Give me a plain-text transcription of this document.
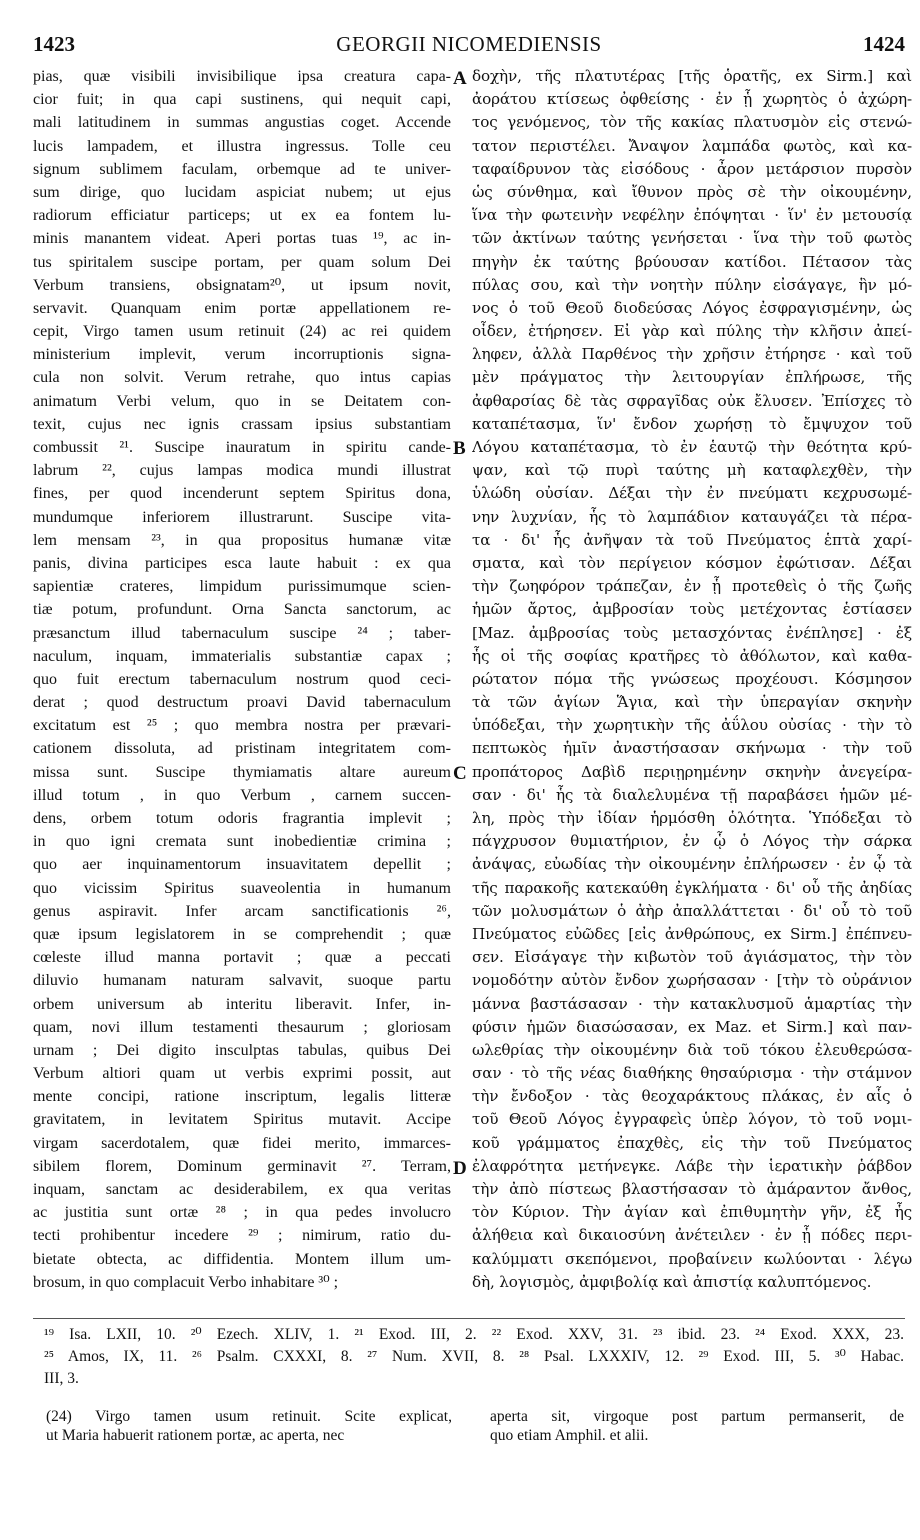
1423	GEORGII NICOMEDIENSIS	1424
pias, quæ visibili invisibilique ipsa creatura capa-
cior fuit; in qua capi sustinens, qui nequit capi,
mali latitudinem in summas angustias coget. Accende
lucis lampadem, et illustra ingressus. Tolle ceu
signum sublimem faculam, orbemque ad te univer-
sum dirige, quo lucidam aspiciat nubem; ut ejus
radiorum efficiatur particeps; ut ex ea fontem lu-
minis manantem videat. Aperi portas tuas ¹⁹, ac in-
tus spiritalem suscipe portam, per quam solum Dei
Verbum transiens, obsignatam²⁰, ut ipsum novit,
servavit. Quanquam enim portæ appellationem re-
cepit, Virgo tamen usum retinuit (24) ac rei quidem
ministerium implevit, verum incorruptionis signa-
cula non solvit. Verum retrahe, quo intus capias
animatum Verbi velum, quo in se Deitatem con-
texit, cujus nec ignis crassam ipsius substantiam
combussit ²¹. Suscipe inauratum in spiritu cande-
labrum ²², cujus lampas modica mundi illustrat
fines, per quod incenderunt septem Spiritus dona,
mundumque inferiorem illustrarunt. Suscipe vita-
lem mensam ²³, in qua propositus humanæ vitæ
panis, divina participes esca laute habuit : ex qua
sapientiæ crateres, limpidum purissimumque scien-
tiæ potum, profundunt. Orna Sancta sanctorum, ac
præsanctum illud tabernaculum suscipe ²⁴ ; taber-
naculum, inquam, immaterialis substantiæ capax ;
quo fuit erectum tabernaculum nostrum quod ceci-
derat ; quod destructum proavi David tabernaculum
excitatum est ²⁵ ; quo membra nostra per prævari-
cationem dissoluta, ad pristinam integritatem com-
missa sunt. Suscipe thymiamatis altare aureum
illud totum , in quo Verbum , carnem succen-
dens, orbem totum odoris fragrantia implevit ;
in quo igni cremata sunt inobedientiæ crimina ;
quo aer inquinamentorum insuavitatem depellit ;
quo vicissim Spiritus suaveolentia in humanum
genus aspiravit. Infer arcam sanctificationis ²⁶,
quæ ipsum legislatorem in se comprehendit ; quæ
cœleste illud manna portavit ; quæ a peccati
diluvio humanam naturam salvavit, suoque partu
orbem universum ab interitu liberavit. Infer, in-
quam, novi illum testamenti thesaurum ; gloriosam
urnam ; Dei digito insculptas tabulas, quibus Dei
Verbum altiori quam ut verbis exprimi possit, aut
mente concipi, ratione inscriptum, legalis litteræ
gravitatem, in levitatem Spiritus mutavit. Accipe
virgam sacerdotalem, quæ fidei merito, immarces-
sibilem florem, Dominum germinavit ²⁷. Terram,
inquam, sanctam ac desiderabilem, ex qua veritas
ac justitia sunt ortæ ²⁸ ; in qua pedes involucro
tecti prohibentur incedere ²⁹ ; nimirum, ratio du-
bietate obtecta, ac diffidentia. Montem illum um-
brosum, in quo complacuit Verbo inhabitare ³⁰ ;
δοχὴν, τῆς πλατυτέρας [τῆς ὁρατῆς, ex Sirm.] καὶ
ἀοράτου κτίσεως ὀφθείσης · ἐν ᾗ χωρητὸς ὁ ἀχώρη-
τος γενόμενος, τὸν τῆς κακίας πλατυσμὸν εἰς στενώ-
τατον περιστέλει. Ἄναψον λαμπάδα φωτὸς, καὶ κα-
ταφαίδρυνον τὰς εἰσόδους · ἆρον μετάρσιον πυρσὸν
ὡς σύνθημα, καὶ ἴθυνον πρὸς σὲ τὴν οἰκουμένην,
ἵνα τὴν φωτεινὴν νεφέλην ἐπόψηται · ἵν' ἐν μετουσίᾳ
τῶν ἀκτίνων ταύτης γενήσεται · ἵνα τὴν τοῦ φωτὸς
πηγὴν ἐκ ταύτης βρύουσαν κατίδοι. Πέτασον τὰς
πύλας σου, καὶ τὴν νοητὴν πύλην εἰσάγαγε, ἣν μό-
νος ὁ τοῦ Θεοῦ διοδεύσας Λόγος ἐσφραγισμένην, ὡς
οἶδεν, ἐτήρησεν. Εἰ γὰρ καὶ πύλης τὴν κλῆσιν ἀπεί-
ληφεν, ἀλλὰ Παρθένος τὴν χρῆσιν ἐτήρησε · καὶ τοῦ
μὲν πράγματος τὴν λειτουργίαν ἐπλήρωσε, τῆς
ἀφθαρσίας δὲ τὰς σφραγῖδας οὐκ ἔλυσεν. Ἐπίσχες τὸ
καταπέτασμα, ἵν' ἔνδον χωρήσῃ τὸ ἔμψυχον τοῦ
Λόγου καταπέτασμα, τὸ ἐν ἑαυτῷ τὴν θεότητα κρύ-
ψαν, καὶ τῷ πυρὶ ταύτης μὴ καταφλεχθὲν, τὴν
ὑλώδη οὐσίαν. Δέξαι τὴν ἐν πνεύματι κεχρυσωμέ-
νην λυχνίαν, ἧς τὸ λαμπάδιον καταυγάζει τὰ πέρα-
τα · δι' ἧς ἀνῆψαν τὰ τοῦ Πνεύματος ἑπτὰ χαρί-
σματα, καὶ τὸν περίγειον κόσμον ἐφώτισαν. Δέξαι
τὴν ζωηφόρον τράπεζαν, ἐν ᾗ προτεθεὶς ὁ τῆς ζωῆς
ἡμῶν ἄρτος, ἀμβροσίαν τοὺς μετέχοντας ἑστίασεν
[Maz. ἀμβροσίας τοὺς μετασχόντας ἐνέπλησε] · ἐξ
ἧς οἱ τῆς σοφίας κρατῆρες τὸ ἀθόλωτον, καὶ καθα-
ρώτατον πόμα τῆς γνώσεως προχέουσι. Κόσμησον
τὰ τῶν ἁγίων Ἅγια, καὶ τὴν ὑπεραγίαν σκηνὴν
ὑπόδεξαι, τὴν χωρητικὴν τῆς ἀΰλου οὐσίας · τὴν τὸ
πεπτωκὸς ἡμῖν ἀναστήσασαν σκήνωμα · τὴν τοῦ
προπάτορος Δαβὶδ περιῃρημένην σκηνὴν ἀνεγείρα-
σαν · δι' ἧς τὰ διαλελυμένα τῇ παραβάσει ἡμῶν μέ-
λη, πρὸς τὴν ἰδίαν ἡρμόσθη ὁλότητα. Ὑπόδεξαι τὸ
πάγχρυσον θυμιατήριον, ἐν ᾧ ὁ Λόγος τὴν σάρκα
ἀνάψας, εὐωδίας τὴν οἰκουμένην ἐπλήρωσεν · ἐν ᾧ τὰ
τῆς παρακοῆς κατεκαύθη ἐγκλήματα · δι' οὗ τῆς ἀηδίας
τῶν μολυσμάτων ὁ ἀὴρ ἀπαλλάττεται · δι' οὗ τὸ τοῦ
Πνεύματος εὐῶδες [εἰς ἀνθρώπους, ex Sirm.] ἐπέπνευ-
σεν. Εἰσάγαγε τὴν κιβωτὸν τοῦ ἁγιάσματος, τὴν τὸν
νομοδότην αὐτὸν ἔνδον χωρήσασαν · [τὴν τὸ οὐράνιον
μάννα βαστάσασαν · τὴν κατακλυσμοῦ ἁμαρτίας τὴν
φύσιν ἡμῶν διασώσασαν, ex Maz. et Sirm.] καὶ παν-
ωλεθρίας τὴν οἰκουμένην διὰ τοῦ τόκου ἐλευθερώσα-
σαν · τὸ τῆς νέας διαθήκης θησαύρισμα · τὴν στάμνον
τὴν ἔνδοξον · τὰς θεοχαράκτους πλάκας, ἐν αἷς ὁ
τοῦ Θεοῦ Λόγος ἐγγραφεὶς ὑπὲρ λόγον, τὸ τοῦ νομι-
κοῦ γράμματος ἐπαχθὲς, εἰς τὴν τοῦ Πνεύματος
ἐλαφρότητα μετήνεγκε. Λάβε τὴν ἱερατικὴν ῥάβδον
τὴν ἀπὸ πίστεως βλαστήσασαν τὸ ἀμάραντον ἄνθος,
τὸν Κύριον. Τὴν ἁγίαν καὶ ἐπιθυμητὴν γῆν, ἐξ ἧς
ἀλήθεια καὶ δικαιοσύνη ἀνέτειλεν · ἐν ᾗ πόδες περι-
καλύμματι σκεπόμενοι, προβαίνειν κωλύονται · λέγω
δὴ, λογισμὸς, ἀμφιβολίᾳ καὶ ἀπιστίᾳ καλυπτόμενος.
A
B
C
D
¹⁹ Isa. LXII, 10. ²⁰ Ezech. XLIV, 1. ²¹ Exod. III, 2. ²² Exod. XXV, 31. ²³ ibid. 23. ²⁴ Exod. XXX, 23.
²⁵ Amos, IX, 11. ²⁶ Psalm. CXXXI, 8. ²⁷ Num. XVII, 8. ²⁸ Psal. LXXXIV, 12. ²⁹ Exod. III, 5. ³⁰ Habac.
III, 3.
(24) Virgo tamen usum retinuit. Scite explicat,
ut Maria habuerit rationem portæ, ac aperta, nec
aperta sit, virgoque post partum permanserit, de
quo etiam Amphil. et alii.
